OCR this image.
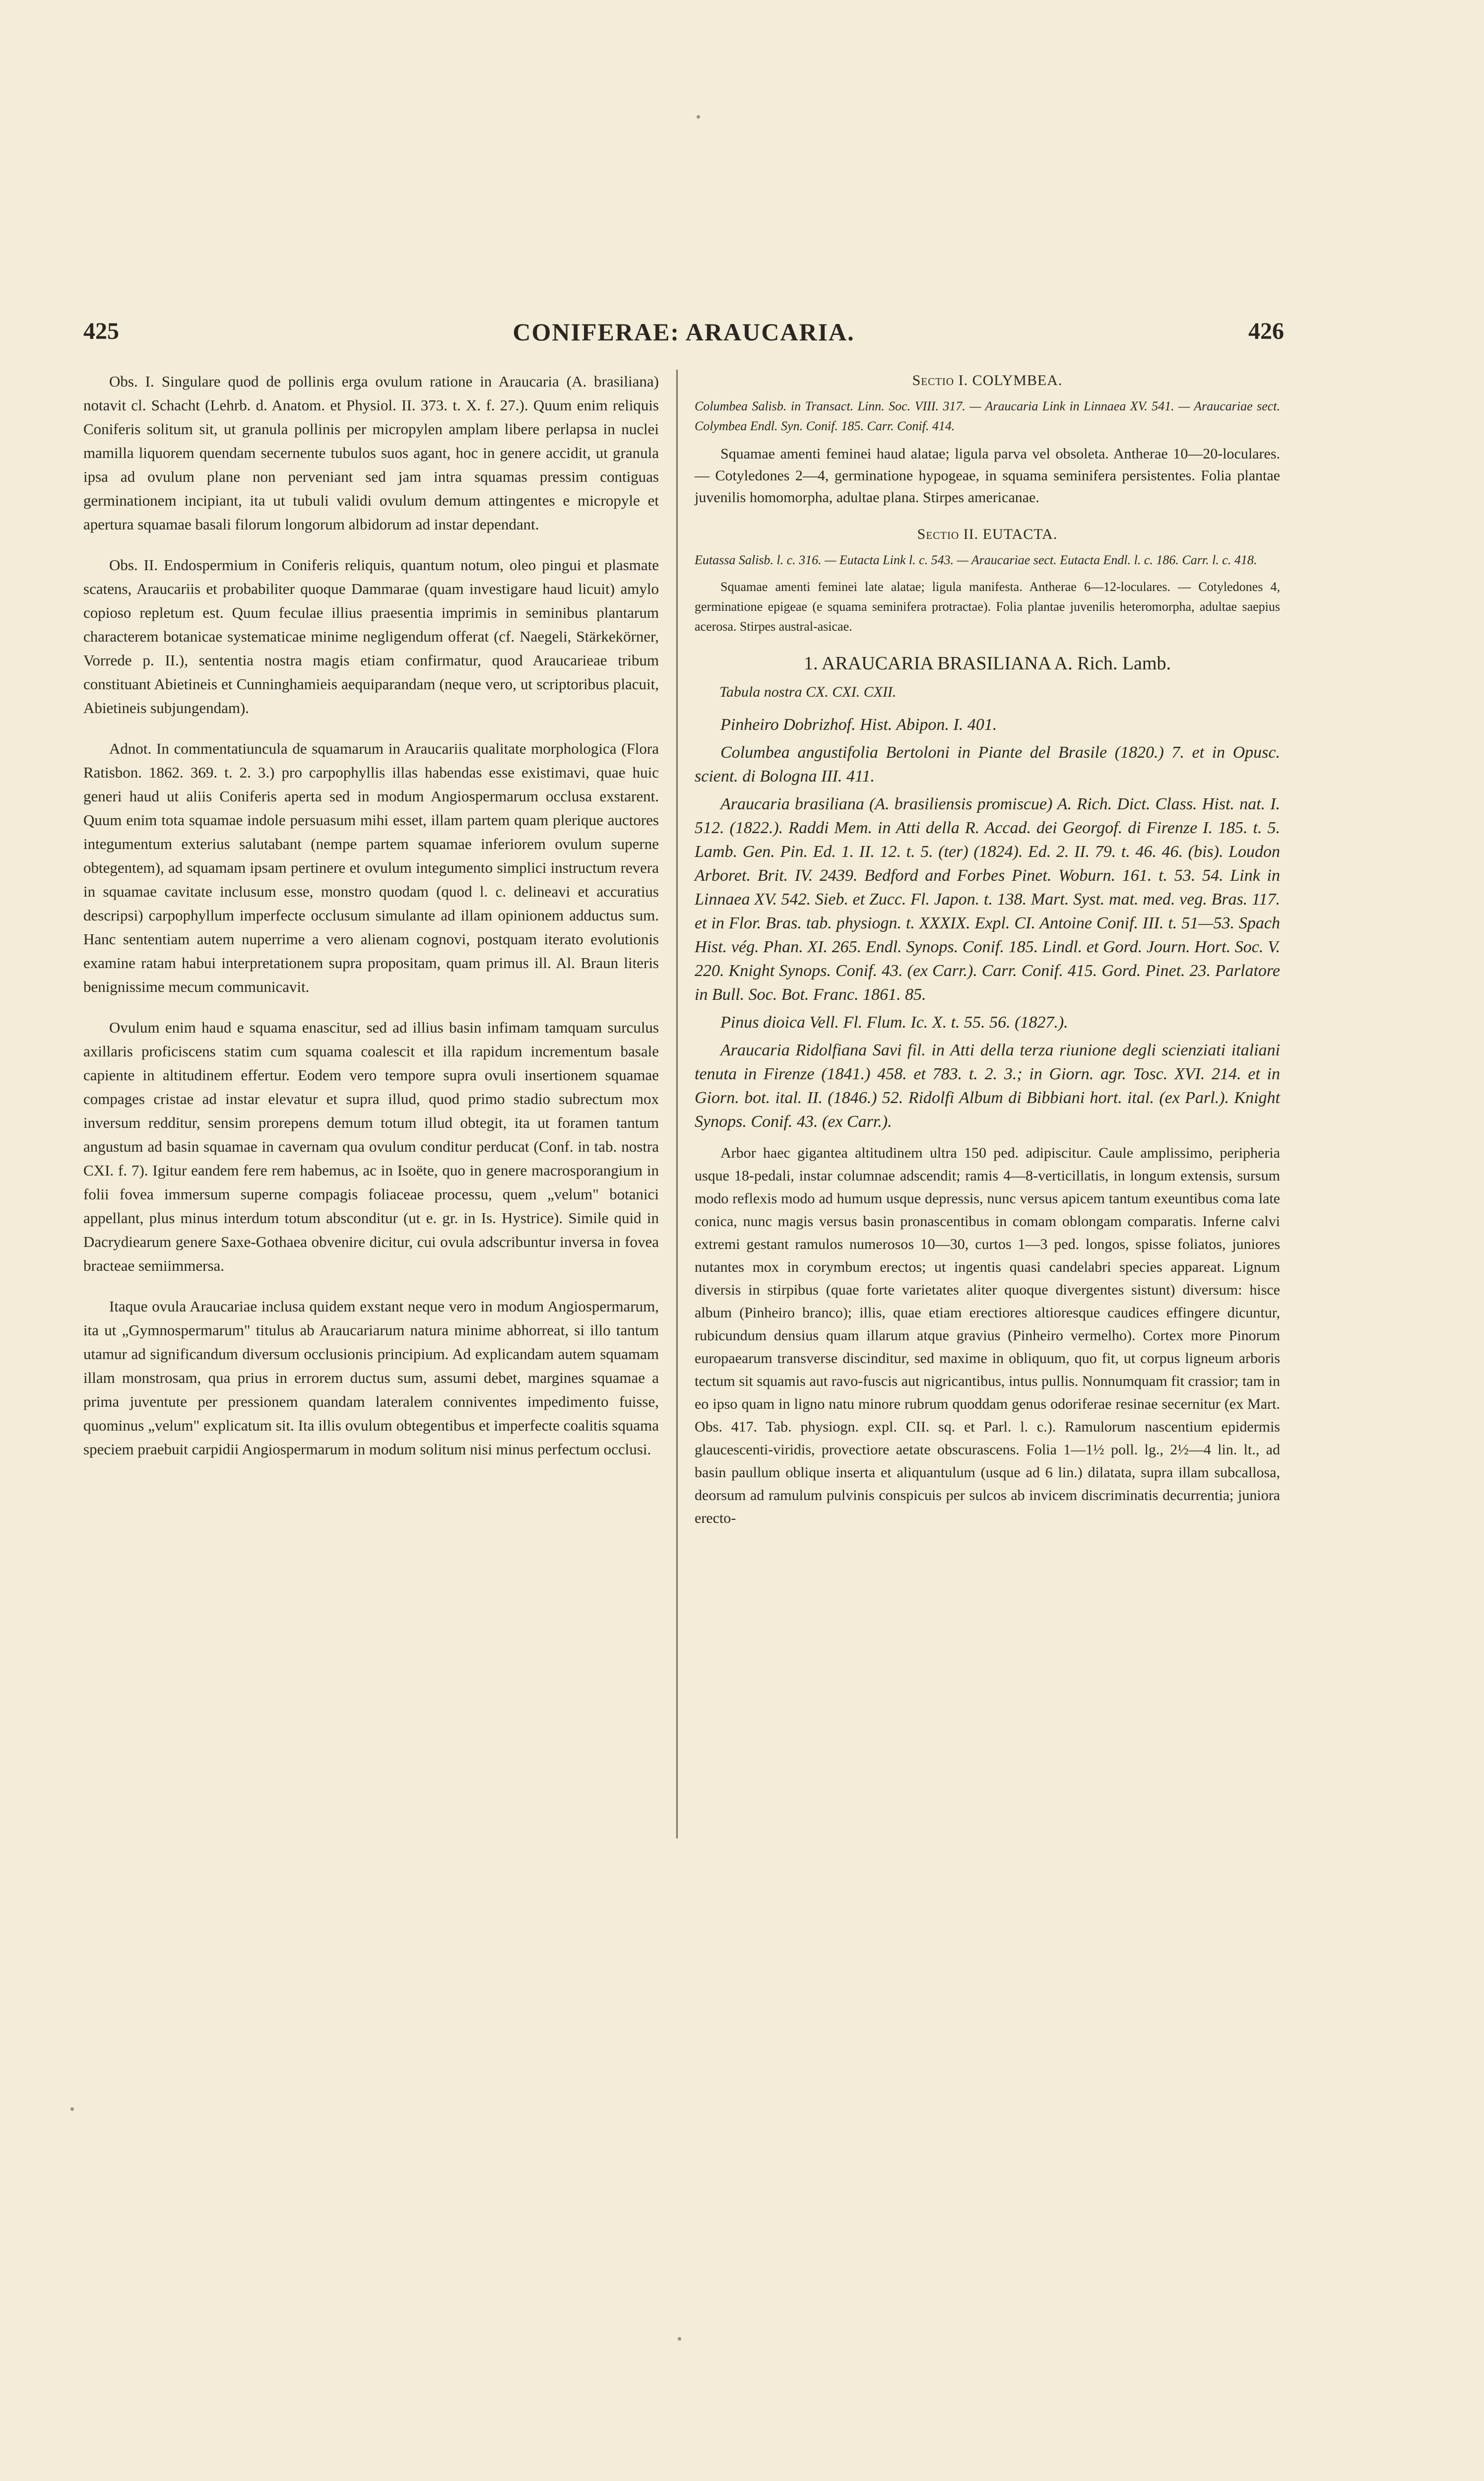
425	CONIFERAE: ARAUCARIA.	426

Obs. I. Singulare quod de pollinis erga ovulum ratione in Araucaria (A. brasiliana) notavit cl. Schacht (Lehrb. d. Anatom. et Physiol. II. 373. t. X. f. 27.). Quum enim reliquis Coniferis solitum sit, ut granula pollinis per micropylen amplam libere perlapsa in nuclei mamilla liquorem quendam secernente tubulos suos agant, hoc in genere accidit, ut granula ipsa ad ovulum plane non perveniant sed jam intra squamas pressim contiguas germinationem incipiant, ita ut tubuli validi ovulum demum attingentes e micropyle et apertura squamae basali filorum longorum albidorum ad instar dependant.

Obs. II. Endospermium in Coniferis reliquis, quantum notum, oleo pingui et plasmate scatens, Araucariis et probabiliter quoque Dammarae (quam investigare haud licuit) amylo copioso repletum est. Quum feculae illius praesentia imprimis in seminibus plantarum characterem botanicae systematicae minime negligendum offerat (cf. Naegeli, Stärkekörner, Vorrede p. II.), sententia nostra magis etiam confirmatur, quod Araucarieae tribum constituant Abietineis et Cunninghamieis aequiparandam (neque vero, ut scriptoribus placuit, Abietineis subjungendam).

Adnot. In commentatiuncula de squamarum in Araucariis qualitate morphologica (Flora Ratisbon. 1862. 369. t. 2. 3.) pro carpophyllis illas habendas esse existimavi, quae huic generi haud ut aliis Coniferis aperta sed in modum Angiospermarum occlusa exstarent. Quum enim tota squamae indole persuasum mihi esset, illam partem quam plerique auctores integumentum exterius salutabant (nempe partem squamae inferiorem ovulum superne obtegentem), ad squamam ipsam pertinere et ovulum integumento simplici instructum revera in squamae cavitate inclusum esse, monstro quodam (quod l. c. delineavi et accuratius descripsi) carpophyllum imperfecte occlusum simulante ad illam opinionem adductus sum. Hanc sententiam autem nuperrime a vero alienam cognovi, postquam iterato evolutionis examine ratam habui interpretationem supra propositam, quam primus ill. Al. Braun literis benignissime mecum communicavit.

Ovulum enim haud e squama enascitur, sed ad illius basin infimam tamquam surculus axillaris proficiscens statim cum squama coalescit et illa rapidum incrementum basale capiente in altitudinem effertur. Eodem vero tempore supra ovuli insertionem squamae compages cristae ad instar elevatur et supra illud, quod primo stadio subrectum mox inversum redditur, sensim prorepens demum totum illud obtegit, ita ut foramen tantum angustum ad basin squamae in cavernam qua ovulum conditur perducat (Conf. in tab. nostra CXI. f. 7). Igitur eandem fere rem habemus, ac in Isoëte, quo in genere macrosporangium in folii fovea immersum superne compagis foliaceae processu, quem „velum" botanici appellant, plus minus interdum totum absconditur (ut e. gr. in Is. Hystrice). Simile quid in Dacrydiearum genere Saxe-Gothaea obvenire dicitur, cui ovula adscribuntur inversa in fovea bracteae semiimmersa.

Itaque ovula Araucariae inclusa quidem exstant neque vero in modum Angiospermarum, ita ut „Gymnospermarum" titulus ab Araucariarum natura minime abhorreat, si illo tantum utamur ad significandum diversum occlusionis principium. Ad explicandam autem squamam illam monstrosam, qua prius in errorem ductus sum, assumi debet, margines squamae a prima juventute per pressionem quandam lateralem conniventes impedimento fuisse, quominus „velum" explicatum sit. Ita illis ovulum obtegentibus et imperfecte coalitis squama speciem praebuit carpidii Angiospermarum in modum solitum nisi minus perfectum occlusi.

Sectio I. COLYMBEA.
Columbea Salisb. in Transact. Linn. Soc. VIII. 317. — Araucaria Link in Linnaea XV. 541. — Araucariae sect. Colymbea Endl. Syn. Conif. 185. Carr. Conif. 414.
Squamae amenti feminei haud alatae; ligula parva vel obsoleta. Antherae 10—20-loculares. — Cotyledones 2—4, germinatione hypogeae, in squama seminifera persistentes. Folia plantae juvenilis homomorpha, adultae plana. Stirpes americanae.
Sectio II. EUTACTA.
Eutassa Salisb. l. c. 316. — Eutacta Link l. c. 543. — Araucariae sect. Eutacta Endl. l. c. 186. Carr. l. c. 418.
Squamae amenti feminei late alatae; ligula manifesta. Antherae 6—12-loculares. — Cotyledones 4, germinatione epigeae (e squama seminifera protractae). Folia plantae juvenilis heteromorpha, adultae saepius acerosa. Stirpes austral-asicae.
1. ARAUCARIA BRASILIANA A. Rich. Lamb.
Tabula nostra CX. CXI. CXII.
Pinheiro Dobrizhof. Hist. Abipon. I. 401.
Columbea angustifolia Bertoloni in Piante del Brasile (1820.) 7. et in Opusc. scient. di Bologna III. 411.
Araucaria brasiliana (A. brasiliensis promiscue) A. Rich. Dict. Class. Hist. nat. I. 512. (1822.). Raddi Mem. in Atti della R. Accad. dei Georgof. di Firenze I. 185. t. 5. Lamb. Gen. Pin. Ed. 1. II. 12. t. 5. (ter) (1824). Ed. 2. II. 79. t. 46. 46. (bis). Loudon Arboret. Brit. IV. 2439. Bedford and Forbes Pinet. Woburn. 161. t. 53. 54. Link in Linnaea XV. 542. Sieb. et Zucc. Fl. Japon. t. 138. Mart. Syst. mat. med. veg. Bras. 117. et in Flor. Bras. tab. physiogn. t. XXXIX. Expl. CI. Antoine Conif. III. t. 51—53. Spach Hist. vég. Phan. XI. 265. Endl. Synops. Conif. 185. Lindl. et Gord. Journ. Hort. Soc. V. 220. Knight Synops. Conif. 43. (ex Carr.). Carr. Conif. 415. Gord. Pinet. 23. Parlatore in Bull. Soc. Bot. Franc. 1861. 85.
Pinus dioica Vell. Fl. Flum. Ic. X. t. 55. 56. (1827.).
Araucaria Ridolfiana Savi fil. in Atti della terza riunione degli scienziati italiani tenuta in Firenze (1841.) 458. et 783. t. 2. 3.; in Giorn. agr. Tosc. XVI. 214. et in Giorn. bot. ital. II. (1846.) 52. Ridolfi Album di Bibbiani hort. ital. (ex Parl.). Knight Synops. Conif. 43. (ex Carr.).

Arbor haec gigantea altitudinem ultra 150 ped. adipiscitur. Caule amplissimo, peripheria usque 18-pedali, instar columnae adscendit; ramis 4—8-verticillatis, in longum extensis, sursum modo reflexis modo ad humum usque depressis, nunc versus apicem tantum exeuntibus coma late conica, nunc magis versus basin pronascentibus in comam oblongam comparatis. Inferne calvi extremi gestant ramulos numerosos 10—30, curtos 1—3 ped. longos, spisse foliatos, juniores nutantes mox in corymbum erectos; ut ingentis quasi candelabri species appareat. Lignum diversis in stirpibus (quae forte varietates aliter quoque divergentes sistunt) diversum: hisce album (Pinheiro branco); illis, quae etiam erectiores altioresque caudices effingere dicuntur, rubicundum densius quam illarum atque gravius (Pinheiro vermelho). Cortex more Pinorum europaearum transverse discinditur, sed maxime in obliquum, quo fit, ut corpus ligneum arboris tectum sit squamis aut ravo-fuscis aut nigricantibus, intus pullis. Nonnumquam fit crassior; tam in eo ipso quam in ligno natu minore rubrum quoddam genus odoriferae resinae secernitur (ex Mart. Obs. 417. Tab. physiogn. expl. CII. sq. et Parl. l. c.). Ramulorum nascentium epidermis glaucescenti-viridis, provectiore aetate obscurascens. Folia 1—1½ poll. lg., 2½—4 lin. lt., ad basin paullum oblique inserta et aliquantulum (usque ad 6 lin.) dilatata, supra illam subcallosa, deorsum ad ramulum pulvinis conspicuis per sulcos ab invicem discriminatis decurrentia; juniora erecto-
